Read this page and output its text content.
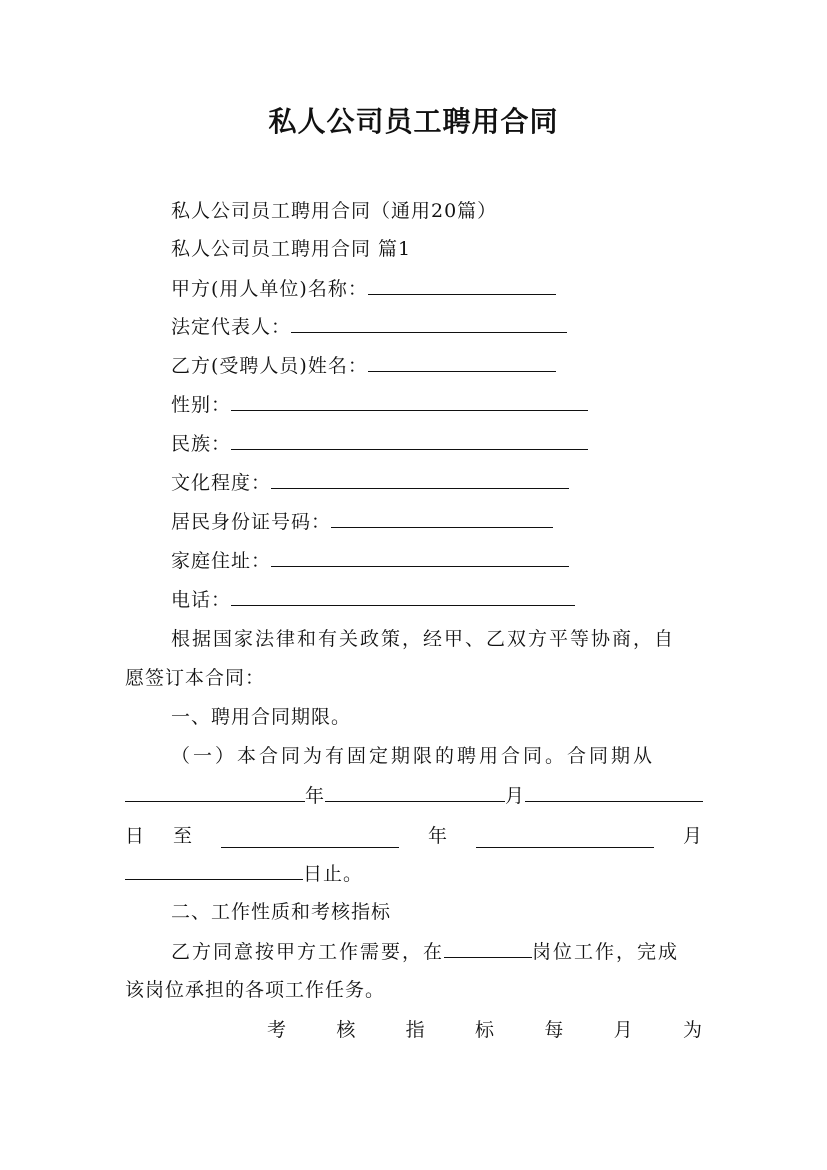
私人公司员工聘用合同
私人公司员工聘用合同（通用20篇）
私人公司员工聘用合同 篇1
甲方(用人单位)名称：
法定代表人：
乙方(受聘人员)姓名：
性别：
民族：
文化程度：
居民身份证号码：
家庭住址：
电话：
根据国家法律和有关政策，经甲、乙双方平等协商，自
愿签订本合同：
一、聘用合同期限。
（一）本合同为有固定期限的聘用合同。合同期从
年	月
日 至	年	月
日止。
二、工作性质和考核指标
乙方同意按甲方工作需要，在	岗位工作，完成
该岗位承担的各项工作任务。
考	核	指	标	每	月	为
